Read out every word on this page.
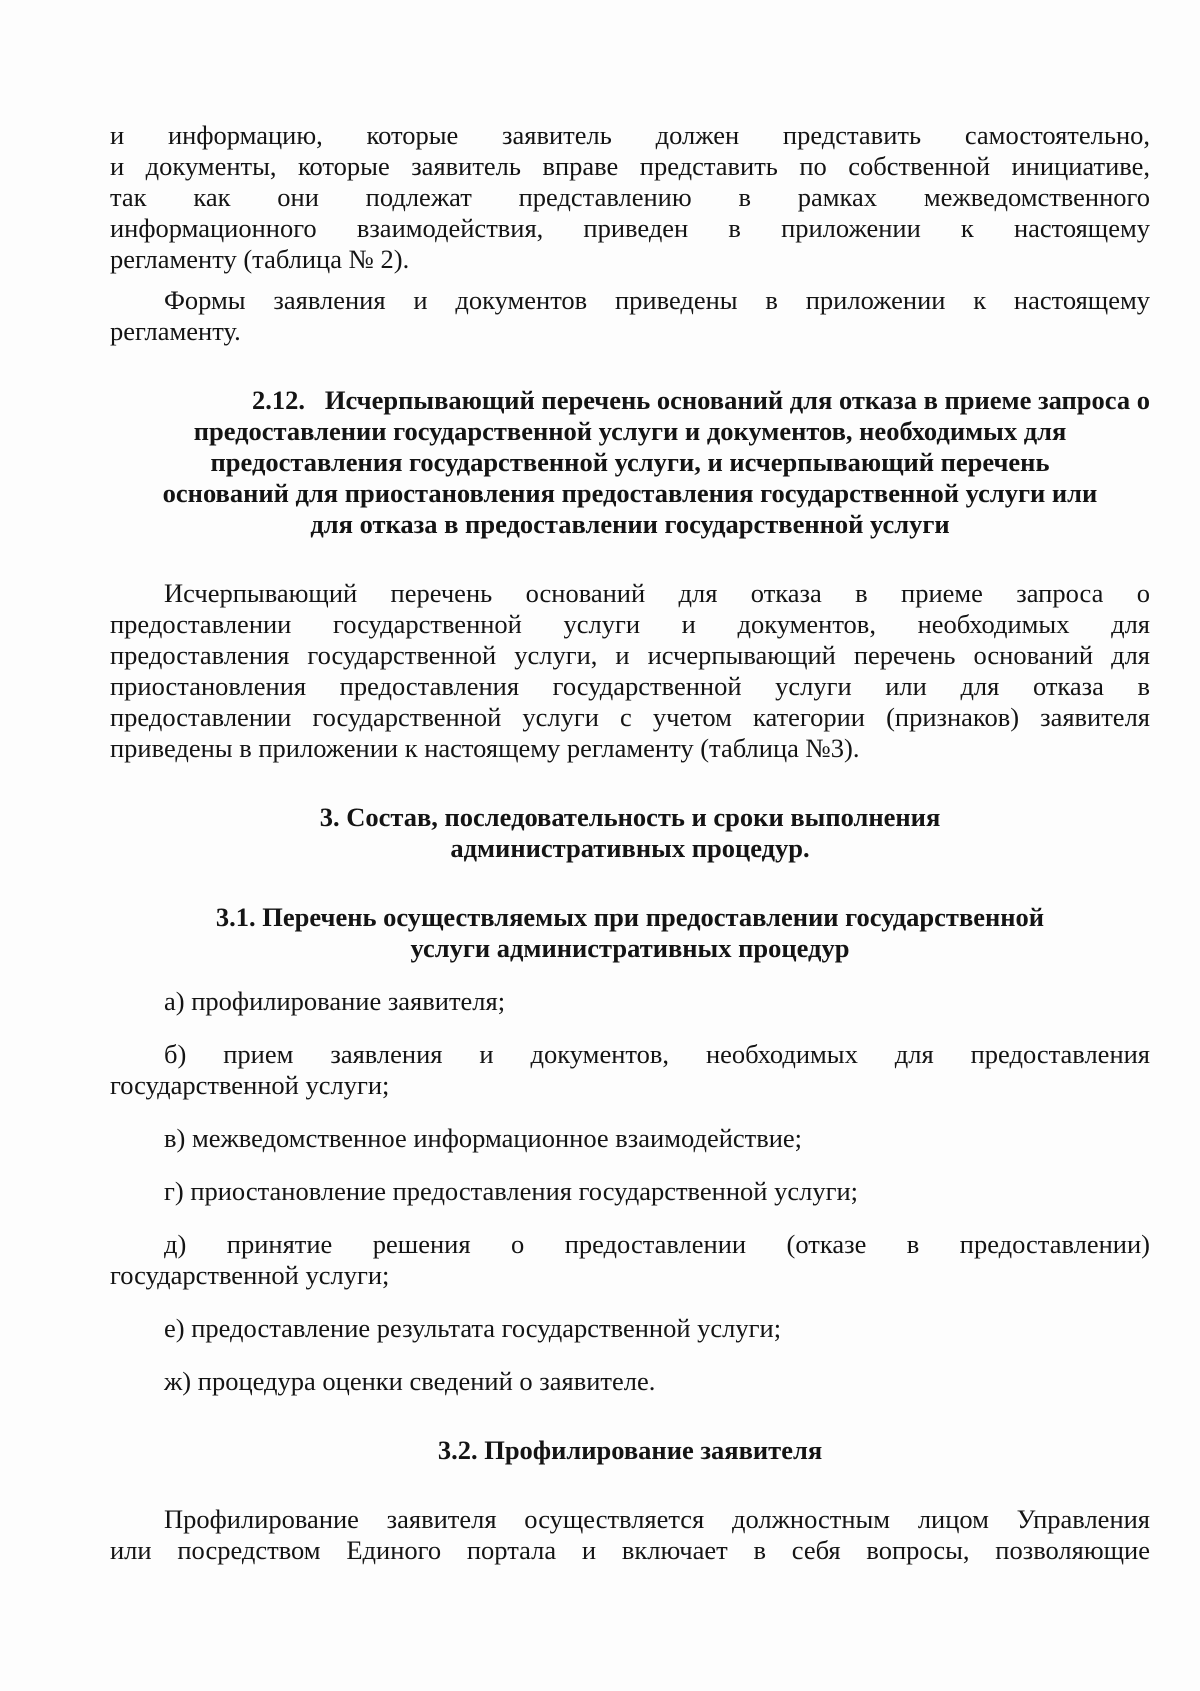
и информацию, которые заявитель должен представить самостоятельно,

и документы, которые заявитель вправе представить по собственной инициативе,

так как они подлежат представлению в рамках межведомственного

информационного взаимодействия, приведен в приложении к настоящему

регламенту (таблица № 2).

Формы заявления и документов приведены в приложении к настоящему

регламенту.

2.12.   Исчерпывающий перечень оснований для отказа в приеме запроса о

предоставлении государственной услуги и документов, необходимых для

предоставления государственной услуги, и исчерпывающий перечень

оснований для приостановления предоставления государственной услуги или

для отказа в предоставлении государственной услуги

Исчерпывающий перечень оснований для отказа в приеме запроса о

предоставлении государственной услуги и документов, необходимых для

предоставления государственной услуги, и исчерпывающий перечень оснований для

приостановления предоставления государственной услуги или для отказа в

предоставлении государственной услуги с учетом категории (признаков) заявителя

приведены в приложении к настоящему регламенту (таблица №3).

3. Состав, последовательность и сроки выполнения

административных процедур.

3.1. Перечень осуществляемых при предоставлении государственной

услуги административных процедур

а) профилирование заявителя;

б) прием заявления и документов, необходимых для предоставления

государственной услуги;

в) межведомственное информационное взаимодействие;

г) приостановление предоставления государственной услуги;

д) принятие решения о предоставлении (отказе в предоставлении)

государственной услуги;

е) предоставление результата государственной услуги;

ж) процедура оценки сведений о заявителе.

3.2. Профилирование заявителя

Профилирование заявителя осуществляется должностным лицом Управления

или посредством Единого портала и включает в себя вопросы, позволяющие
